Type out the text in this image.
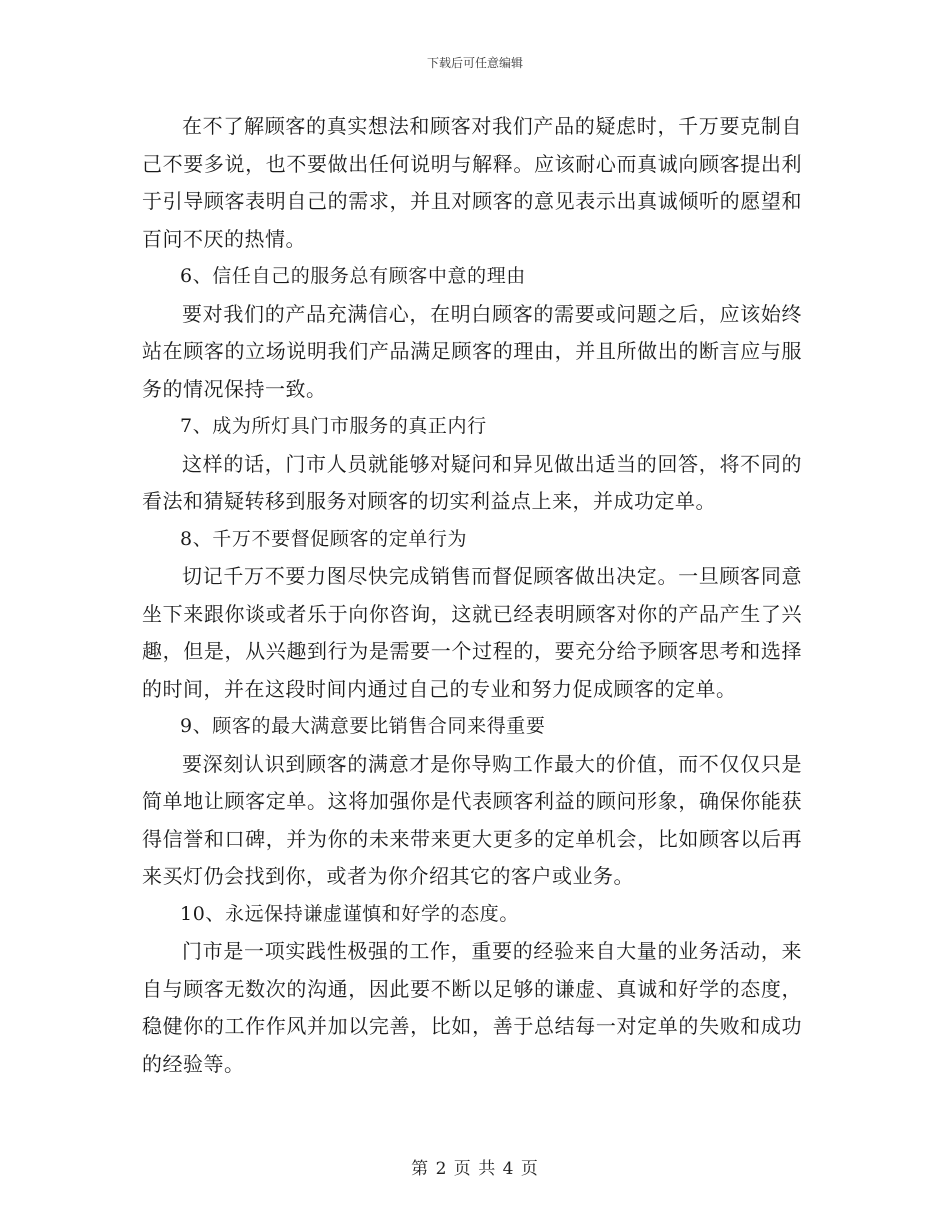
下载后可任意编辑

在不了解顾客的真实想法和顾客对我们产品的疑虑时，千万要克制自己不要多说，也不要做出任何说明与解释。应该耐心而真诚向顾客提出利于引导顾客表明自己的需求，并且对顾客的意见表示出真诚倾听的愿望和百问不厌的热情。

6、信任自己的服务总有顾客中意的理由

要对我们的产品充满信心，在明白顾客的需要或问题之后，应该始终站在顾客的立场说明我们产品满足顾客的理由，并且所做出的断言应与服务的情况保持一致。

7、成为所灯具门市服务的真正内行

这样的话，门市人员就能够对疑问和异见做出适当的回答，将不同的看法和猜疑转移到服务对顾客的切实利益点上来，并成功定单。

8、千万不要督促顾客的定单行为

切记千万不要力图尽快完成销售而督促顾客做出决定。一旦顾客同意坐下来跟你谈或者乐于向你咨询，这就已经表明顾客对你的产品产生了兴趣，但是，从兴趣到行为是需要一个过程的，要充分给予顾客思考和选择的时间，并在这段时间内通过自己的专业和努力促成顾客的定单。

9、顾客的最大满意要比销售合同来得重要

要深刻认识到顾客的满意才是你导购工作最大的价值，而不仅仅只是简单地让顾客定单。这将加强你是代表顾客利益的顾问形象，确保你能获得信誉和口碑，并为你的未来带来更大更多的定单机会，比如顾客以后再来买灯仍会找到你，或者为你介绍其它的客户或业务。

10、永远保持谦虚谨慎和好学的态度。

门市是一项实践性极强的工作，重要的经验来自大量的业务活动，来自与顾客无数次的沟通，因此要不断以足够的谦虚、真诚和好学的态度，稳健你的工作作风并加以完善，比如，善于总结每一对定单的失败和成功的经验等。

第 2 页 共 4 页
